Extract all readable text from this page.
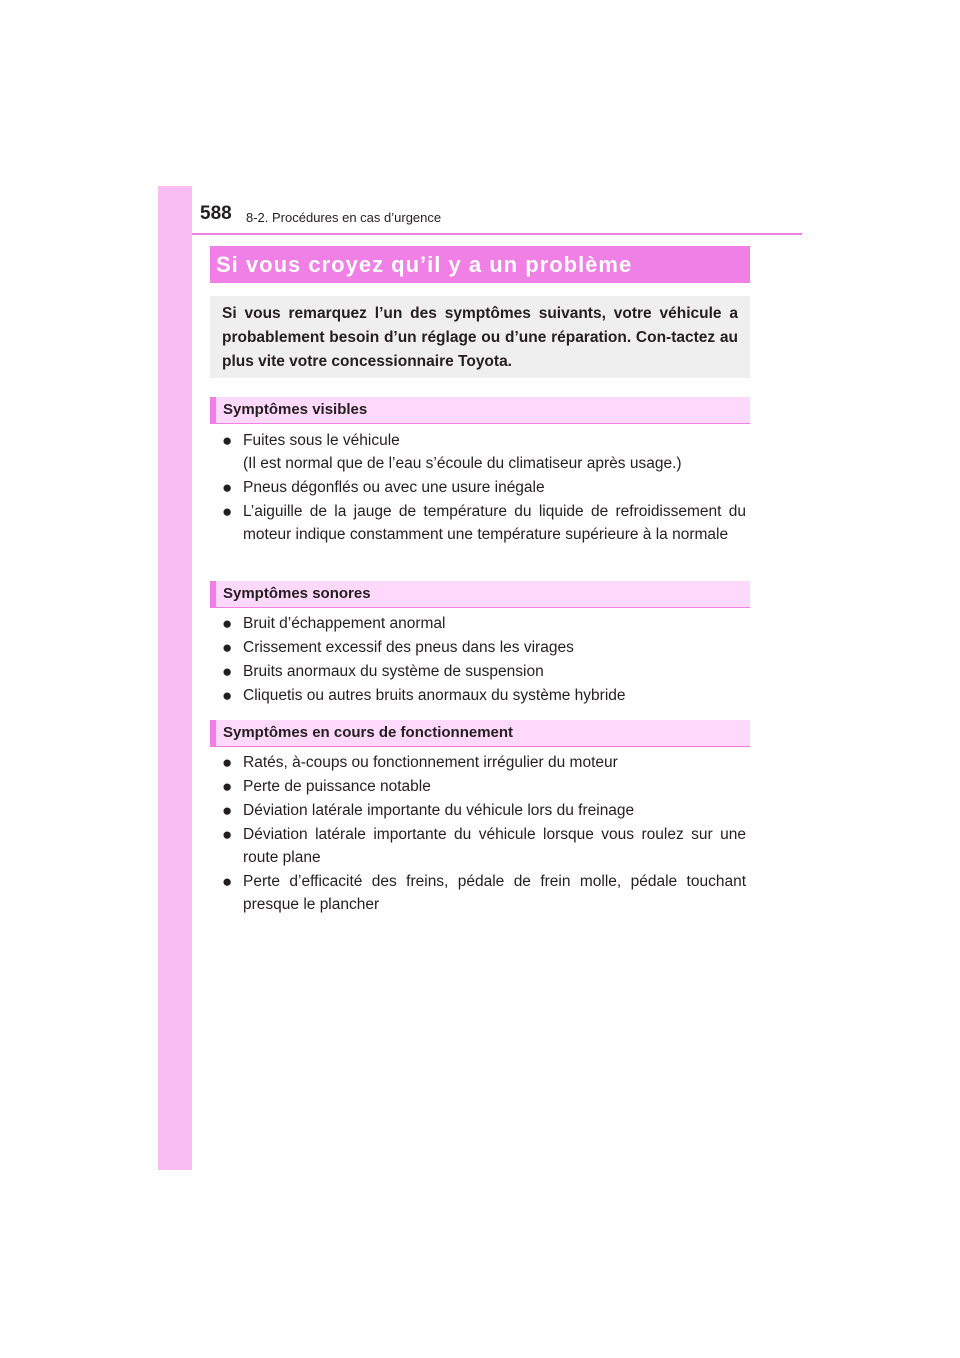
588 8-2. Procédures en cas d’urgence
Si vous croyez qu’il y a un problème
Si vous remarquez l’un des symptômes suivants, votre véhicule a probablement besoin d’un réglage ou d’une réparation. Con-tactez au plus vite votre concessionnaire Toyota.
Symptômes visibles
● Fuites sous le véhicule
(Il est normal que de l’eau s’écoule du climatiseur après usage.)
● Pneus dégonflés ou avec une usure inégale
● L’aiguille de la jauge de température du liquide de refroidissement du moteur indique constamment une température supérieure à la normale
Symptômes sonores
● Bruit d’échappement anormal
● Crissement excessif des pneus dans les virages
● Bruits anormaux du système de suspension
● Cliquetis ou autres bruits anormaux du système hybride
Symptômes en cours de fonctionnement
● Ratés, à-coups ou fonctionnement irrégulier du moteur
● Perte de puissance notable
● Déviation latérale importante du véhicule lors du freinage
● Déviation latérale importante du véhicule lorsque vous roulez sur une route plane
● Perte d’efficacité des freins, pédale de frein molle, pédale touchant presque le plancher
